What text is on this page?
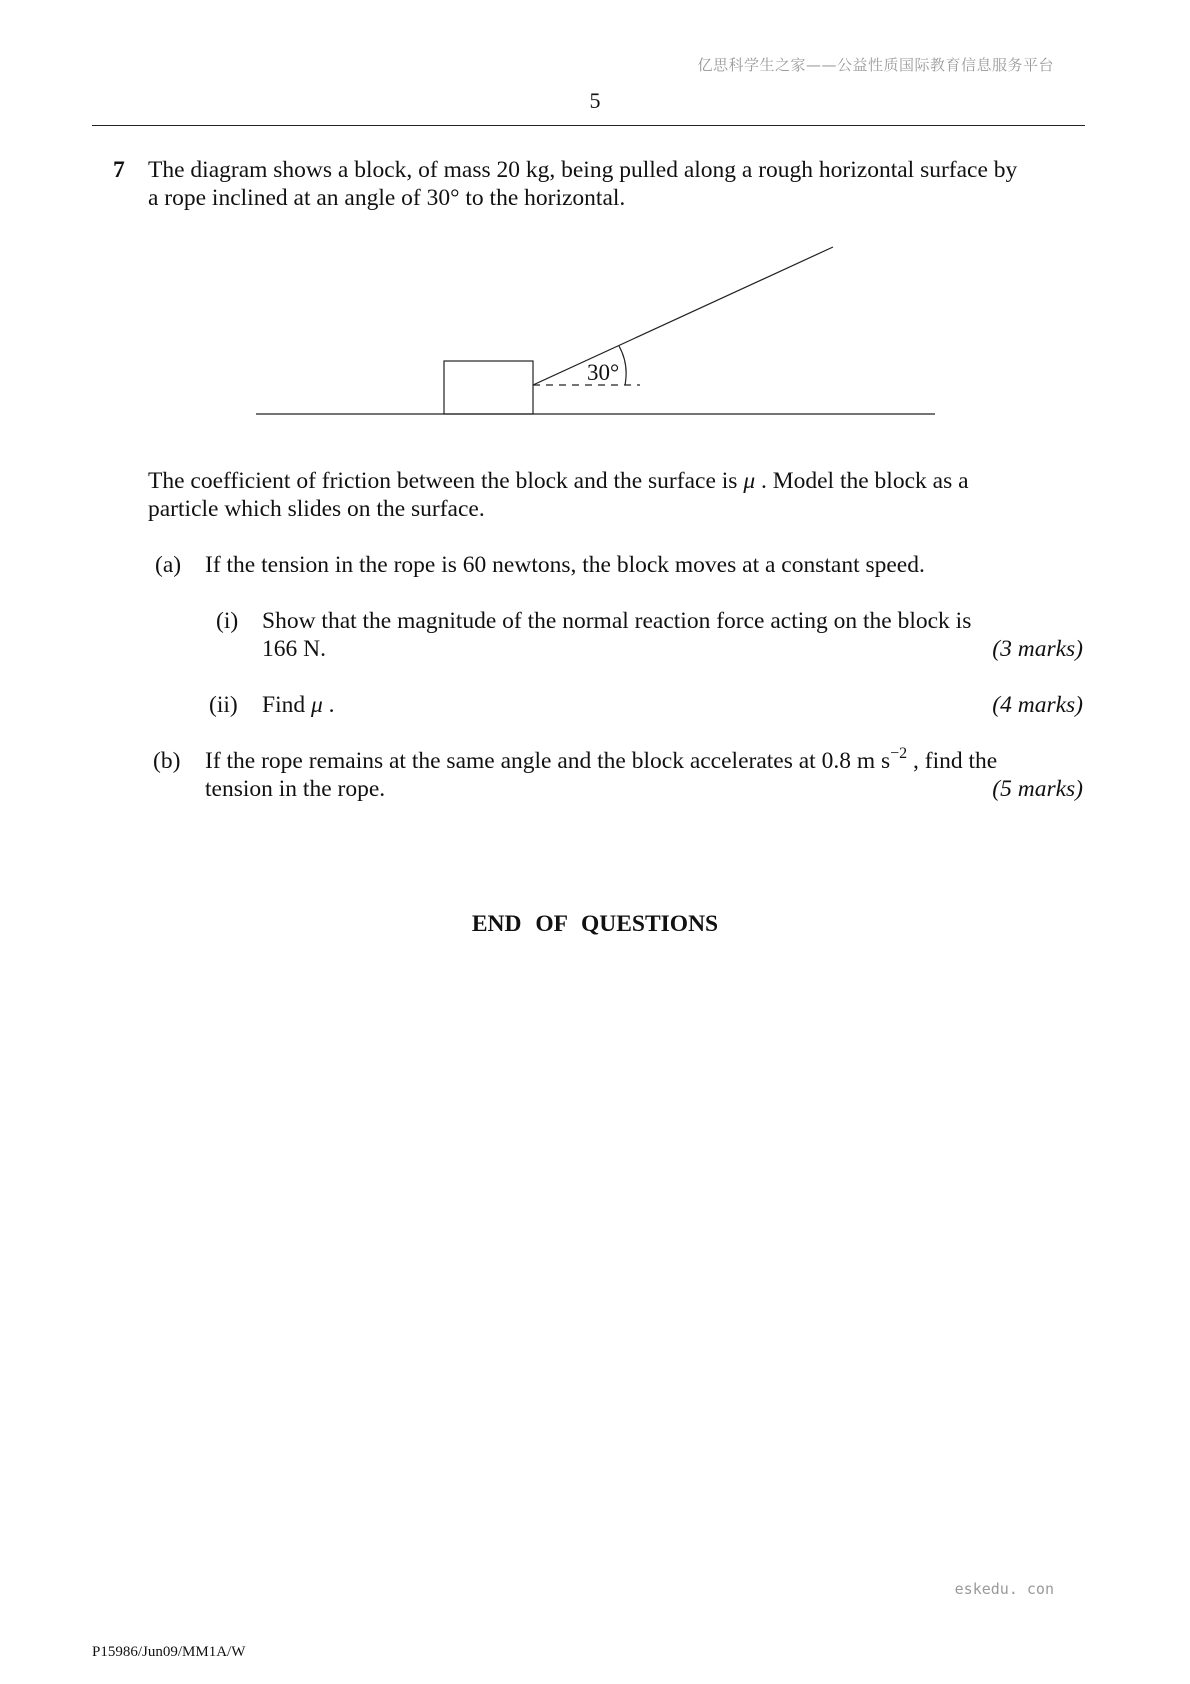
亿思科学生之家——公益性质国际教育信息服务平台
5
7 The diagram shows a block, of mass 20 kg, being pulled along a rough horizontal surface by
a rope inclined at an angle of 30° to the horizontal.
30°
The coefficient of friction between the block and the surface is μ . Model the block as a
particle which slides on the surface.
(a) If the tension in the rope is 60 newtons, the block moves at a constant speed.
(i) Show that the magnitude of the normal reaction force acting on the block is
166 N.	(3 marks)
(ii) Find μ .	(4 marks)
(b) If the rope remains at the same angle and the block accelerates at 0.8 m $s^{-2}$ , find the
tension in the rope.	(5 marks)
END OF QUESTIONS
eskedu. con
P15986/Jun09/MM1A/W
